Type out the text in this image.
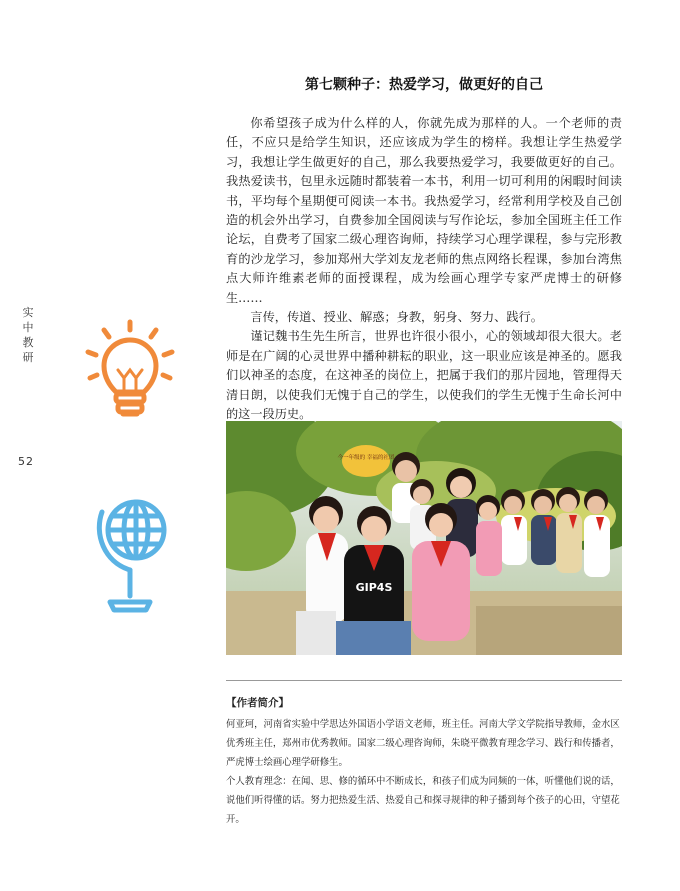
实
中
教
研
52
第七颗种子：热爱学习，做更好的自己

你希望孩子成为什么样的人，你就先成为那样的人。一个老师的责任，不应只是给学生知识，还应该成为学生的榜样。我想让学生热爱学习，我想让学生做更好的自己，那么我要热爱学习，我要做更好的自己。我热爱读书，包里永远随时都装着一本书，利用一切可利用的闲暇时间读书，平均每个星期便可阅读一本书。我热爱学习，经常利用学校及自己创造的机会外出学习，自费参加全国阅读与写作论坛，参加全国班主任工作论坛，自费考了国家二级心理咨询师，持续学习心理学课程，参与完形教育的沙龙学习，参加郑州大学刘友龙老师的焦点网络长程课，参加台湾焦点大师许维素老师的面授课程，成为绘画心理学专家严虎博士的研修生……

言传，传道、授业、解惑；身教，躬身、努力、践行。

谨记魏书生先生所言，世界也许很小很小，心的领域却很大很大。老师是在广阔的心灵世界中播种耕耘的职业，这一职业应该是神圣的。愿我们以神圣的态度，在这神圣的岗位上，把属于我们的那片园地，管理得天清日朗，以使我们无愧于自己的学生，以使我们的学生无愧于生命长河中的这一段历史。

今一年级的 幸福的社团
GIP4S

【作者简介】

何亚珂，河南省实验中学思达外国语小学语文老师，班主任。河南大学文学院指导教师，金水区优秀班主任，郑州市优秀教师。国家二级心理咨询师，朱晓平微教育理念学习、践行和传播者，严虎博士绘画心理学研修生。

个人教育理念：在闻、思、修的循环中不断成长，和孩子们成为同频的一体，听懂他们说的话，说他们听得懂的话。努力把热爱生活、热爱自己和探寻规律的种子播到每个孩子的心田，守望花开。
